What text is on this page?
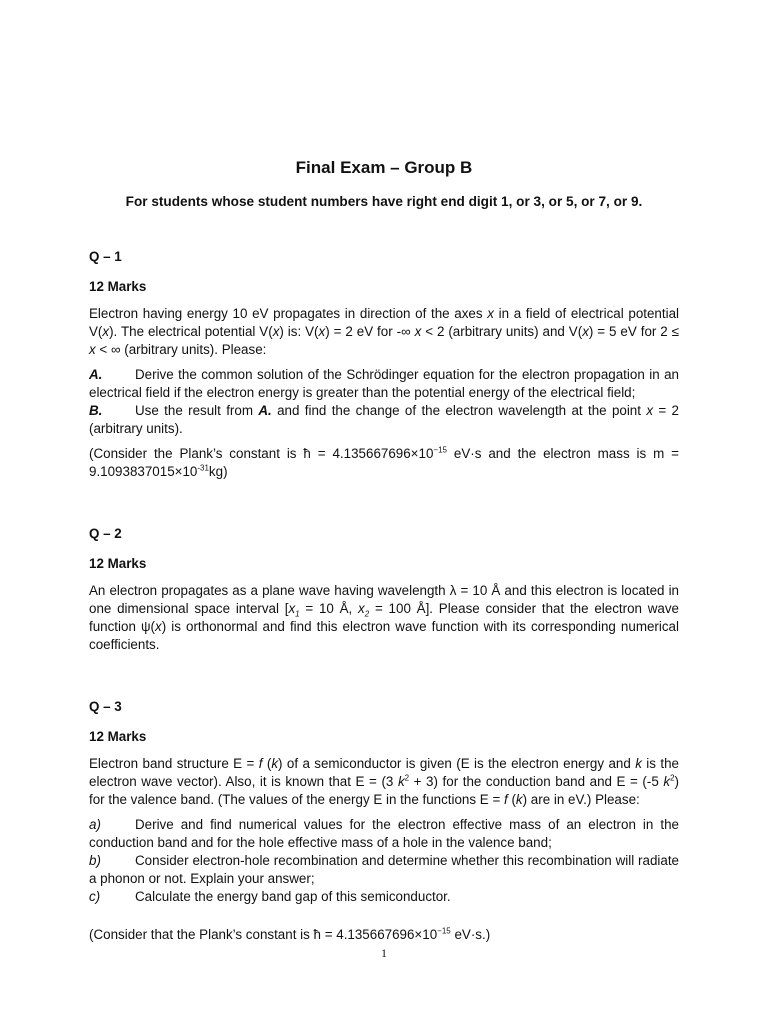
Final Exam – Group B
For students whose student numbers have right end digit 1, or 3, or 5, or 7, or 9.
Q – 1
12 Marks

Electron having energy 10 eV propagates in direction of the axes x in a field of electrical potential V(x). The electrical potential V(x) is: V(x) = 2 eV for -∞ x < 2 (arbitrary units) and V(x) = 5 eV for 2 ≤ x < ∞ (arbitrary units). Please:

A. Derive the common solution of the Schrödinger equation for the electron propagation in an electrical field if the electron energy is greater than the potential energy of the electrical field;

B. Use the result from A. and find the change of the electron wavelength at the point x = 2 (arbitrary units).

(Consider the Plank’s constant is ħ = $4.135667696\times 10^{-15}$ eV·s and the electron mass is $m = 9.1093837015\times 10^{-31}kg$)

Q – 2
12 Marks

An electron propagates as a plane wave having wavelength λ = 10 Å and this electron is located in one dimensional space interval [$x_1 = 10$ Å, $x_2 = 100$ Å]. Please consider that the electron wave function ψ(x) is orthonormal and find this electron wave function with its corresponding numerical coefficients.

Q – 3
12 Marks

Electron band structure E = f (k) of a semiconductor is given (E is the electron energy and k is the electron wave vector). Also, it is known that E = (3 $k^2 + 3$) for the conduction band and E = (-5 $k^2$) for the valence band. (The values of the energy E in the functions E = f (k) are in eV.) Please:

a)	Derive and find numerical values for the electron effective mass of an electron in the conduction band and for the hole effective mass of a hole in the valence band;

b)	Consider electron-hole recombination and determine whether this recombination will radiate a phonon or not. Explain your answer;

c)	Calculate the energy band gap of this semiconductor.

(Consider that the Plank’s constant is ħ = $4.135667696\times 10^{-15}$ eV·s.)

1
